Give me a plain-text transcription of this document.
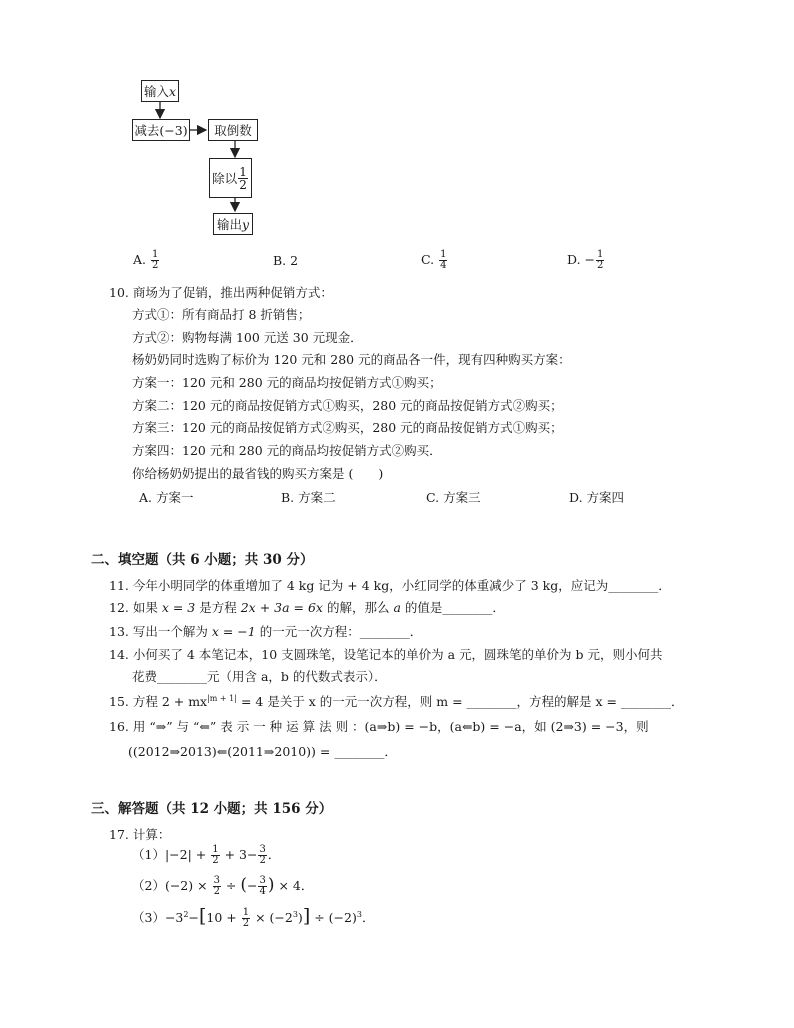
输入 x
减去(−3) 取倒数
除以 $\frac{1}{2}$
输出 y
A. $\frac{1}{2}$	B. 2	C. $\frac{1}{4}$	D. − $\frac{1}{2}$
10. 商场为了促销，推出两种促销方式：
方式①：所有商品打 8 折销售；
方式②：购物每满 100 元送 30 元现金．
杨奶奶同时选购了标价为 120 元和 280 元的商品各一件，现有四种购买方案：
方案一：120 元和 280 元的商品均按促销方式①购买；
方案二：120 元的商品按促销方式①购买，280 元的商品按促销方式②购买；
方案三：120 元的商品按促销方式②购买，280 元的商品按促销方式①购买；
方案四：120 元和 280 元的商品均按促销方式②购买．
你给杨奶奶提出的最省钱的购买方案是 (　　)
A. 方案一	B. 方案二	C. 方案三	D. 方案四
二、填空题（共 6 小题；共 30 分）
11. 今年小明同学的体重增加了 4 kg 记为 + 4 kg，小红同学的体重减少了 3 kg，应记为________．
12. 如果 x = 3 是方程 2x + 3a = 6x 的解，那么 a 的值是________．
13. 写出一个解为 x = −1 的一元一次方程：________．
14. 小何买了 4 本笔记本，10 支圆珠笔，设笔记本的单价为 a 元，圆珠笔的单价为 b 元，则小何共
花费________元（用含 a，b 的代数式表示）．
15. 方程 $2 + mx^{|m + 1|} = 4$ 是关于 x 的一元一次方程，则 m = ________，方程的解是 x = ________．
16. 用 “⇒” 与 “⇐” 表 示 一 种 运 算 法 则 ：(a⇒b) = −b，(a⇐b) = −a，如 (2⇒3) = −3，则
((2012⇒2013)⇐(2011⇒2010)) = ________．
三、解答题（共 12 小题；共 156 分）
17. 计算：
$(1)|-2| + \frac{1}{2} + 3- \frac{3}{2}$ ．
$(2)(-2) \times \frac{3}{2}$ ÷ (− $\frac{3}{4}$ ) × 4．
$(3)-3^2-[10 + \frac{1}{2} \times (-2^3)] \div (-2)^3$．
